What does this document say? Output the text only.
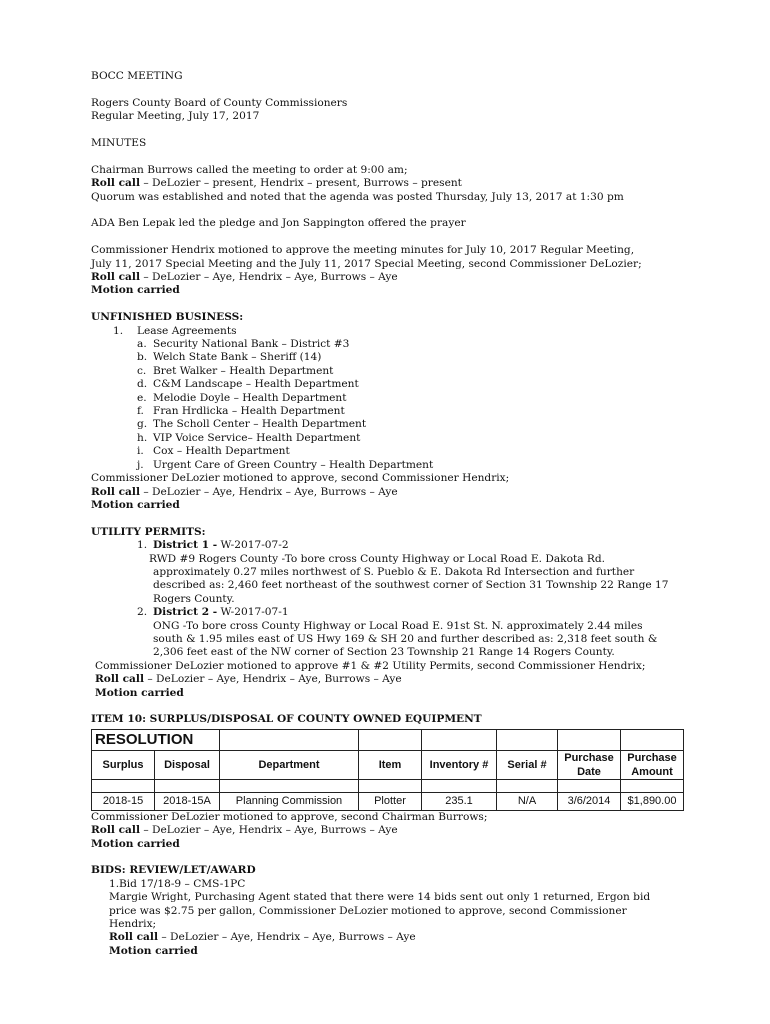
BOCC MEETING
Rogers County Board of County Commissioners
Regular Meeting, July 17, 2017
MINUTES
Chairman Burrows called the meeting to order at 9:00 am;
Roll call – DeLozier – present, Hendrix – present, Burrows – present
Quorum was established and noted that the agenda was posted Thursday, July 13, 2017 at 1:30 pm
ADA Ben Lepak led the pledge and Jon Sappington offered the prayer
Commissioner Hendrix motioned to approve the meeting minutes for July 10, 2017 Regular Meeting,
July 11, 2017 Special Meeting and the July 11, 2017 Special Meeting, second Commissioner DeLozier;
Roll call – DeLozier – Aye, Hendrix – Aye, Burrows – Aye
Motion carried
UNFINISHED BUSINESS:
1. Lease Agreements
a. Security National Bank – District #3
b. Welch State Bank – Sheriff (14)
c. Bret Walker – Health Department
d. C&M Landscape – Health Department
e. Melodie Doyle – Health Department
f. Fran Hrdlicka – Health Department
g. The Scholl Center – Health Department
h. VIP Voice Service– Health Department
i. Cox – Health Department
j. Urgent Care of Green Country – Health Department
Commissioner DeLozier motioned to approve, second Commissioner Hendrix;
Roll call – DeLozier – Aye, Hendrix – Aye, Burrows – Aye
Motion carried
UTILITY PERMITS:
1. District 1 - W-2017-07-2
RWD #9 Rogers County -To bore cross County Highway or Local Road E. Dakota Rd.
approximately 0.27 miles northwest of S. Pueblo & E. Dakota Rd Intersection and further
described as: 2,460 feet northeast of the southwest corner of Section 31 Township 22 Range 17
Rogers County.
2. District 2 - W-2017-07-1
ONG -To bore cross County Highway or Local Road E. 91st St. N. approximately 2.44 miles
south & 1.95 miles east of US Hwy 169 & SH 20 and further described as: 2,318 feet south &
2,306 feet east of the NW corner of Section 23 Township 21 Range 14 Rogers County.
Commissioner DeLozier motioned to approve #1 & #2 Utility Permits, second Commissioner Hendrix;
Roll call – DeLozier – Aye, Hendrix – Aye, Burrows – Aye
Motion carried
ITEM 10: SURPLUS/DISPOSAL OF COUNTY OWNED EQUIPMENT
RESOLUTION							
Surplus	Disposal	Department	Item	Inventory #	Serial #	Purchase Date	Purchase Amount

2018-15	2018-15A	Planning Commission	Plotter	235.1	N/A	3/6/2014	$1,890.00
Commissioner DeLozier motioned to approve, second Chairman Burrows;
Roll call – DeLozier – Aye, Hendrix – Aye, Burrows – Aye
Motion carried
BIDS: REVIEW/LET/AWARD
1.Bid 17/18-9 – CMS-1PC
Margie Wright, Purchasing Agent stated that there were 14 bids sent out only 1 returned, Ergon bid
price was $2.75 per gallon, Commissioner DeLozier motioned to approve, second Commissioner
Hendrix;
Roll call – DeLozier – Aye, Hendrix – Aye, Burrows – Aye
Motion carried
